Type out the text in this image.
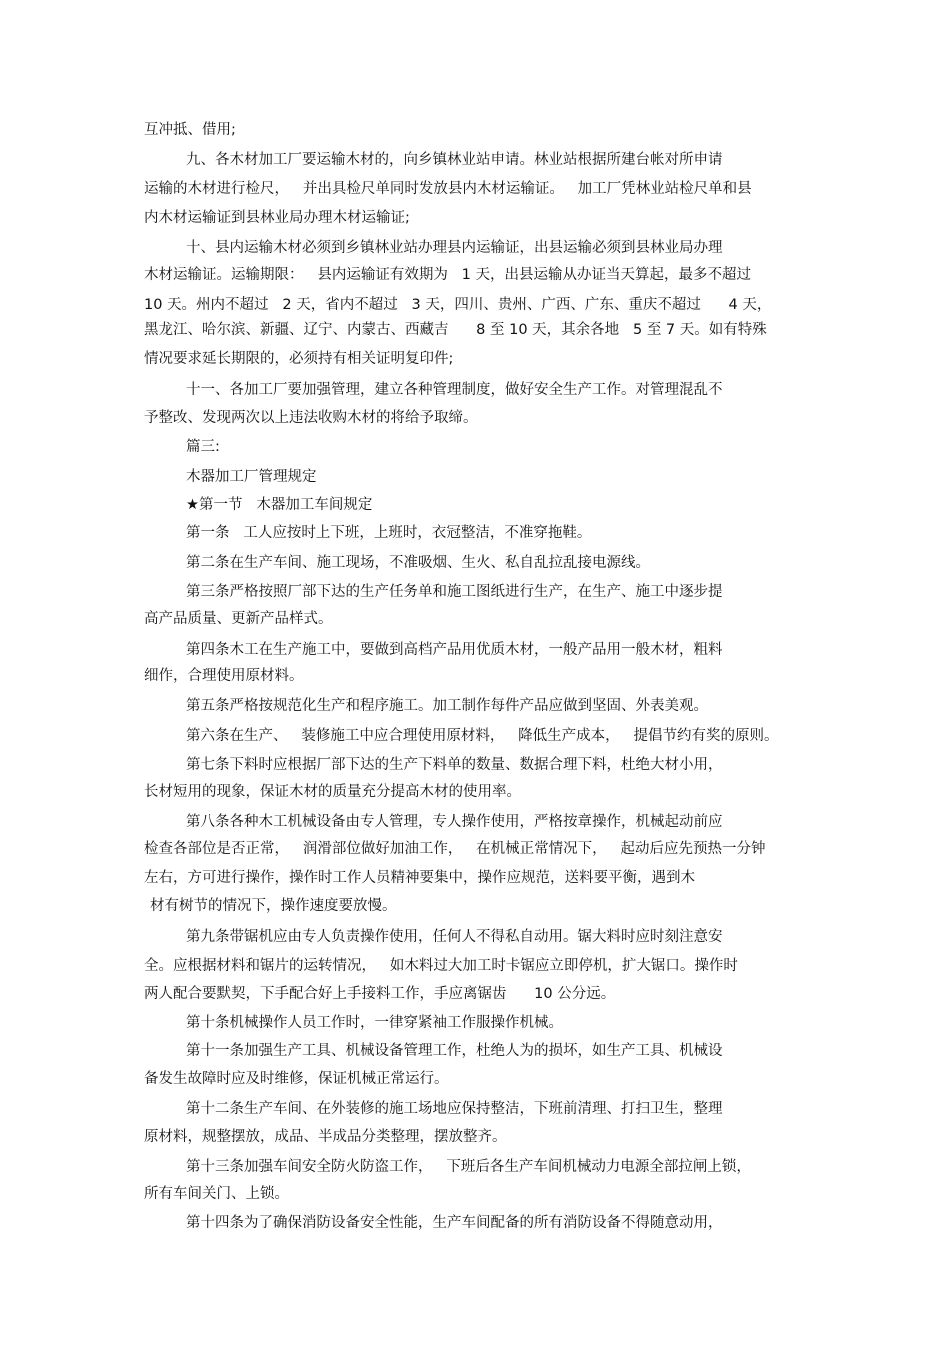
互冲抵、借用;
九、各木材加工厂要运输木材的，向乡镇林业站申请。林业站根据所建台帐对所申请
运输的木材进行检尺，   并出具检尺单同时发放县内木材运输证。   加工厂凭林业站检尺单和县
内木材运输证到县林业局办理木材运输证;
十、县内运输木材必须到乡镇林业站办理县内运输证，出县运输必须到县林业局办理
木材运输证。运输期限：   县内运输证有效期为   1 天，出县运输从办证当天算起，最多不超过
10 天。州内不超过   2 天，省内不超过   3 天，四川、贵州、广西、广东、重庆不超过      4 天，
黑龙江、哈尔滨、新疆、辽宁、内蒙古、西藏吉      8 至 10 天，其余各地   5 至 7 天。如有特殊
情况要求延长期限的，必须持有相关证明复印件;
十一、各加工厂要加强管理，建立各种管理制度，做好安全生产工作。对管理混乱不
予整改、发现两次以上违法收购木材的将给予取缔。
篇三:
木器加工厂管理规定
★第一节   木器加工车间规定
第一条   工人应按时上下班，上班时，衣冠整洁，不准穿拖鞋。
第二条在生产车间、施工现场，不准吸烟、生火、私自乱拉乱接电源线。
第三条严格按照厂部下达的生产任务单和施工图纸进行生产，在生产、施工中逐步提
高产品质量、更新产品样式。
第四条木工在生产施工中，要做到高档产品用优质木材，一般产品用一般木材，粗料
细作，合理使用原材料。
第五条严格按规范化生产和程序施工。加工制作每件产品应做到坚固、外表美观。
第六条在生产、   装修施工中应合理使用原材料，   降低生产成本，   提倡节约有奖的原则。
第七条下料时应根据厂部下达的生产下料单的数量、数据合理下料，杜绝大材小用，
长材短用的现象，保证木材的质量充分提高木材的使用率。
第八条各种木工机械设备由专人管理，专人操作使用，严格按章操作，机械起动前应
检查各部位是否正常，   润滑部位做好加油工作，   在机械正常情况下，   起动后应先预热一分钟
左右，方可进行操作，操作时工作人员精神要集中，操作应规范，送料要平衡，遇到木
材有树节的情况下，操作速度要放慢。
第九条带锯机应由专人负责操作使用，任何人不得私自动用。锯大料时应时刻注意安
全。应根据材料和锯片的运转情况，   如木料过大加工时卡锯应立即停机，扩大锯口。操作时
两人配合要默契，下手配合好上手接料工作，手应离锯齿      10 公分远。
第十条机械操作人员工作时，一律穿紧袖工作服操作机械。
第十一条加强生产工具、机械设备管理工作，杜绝人为的损坏，如生产工具、机械设
备发生故障时应及时维修，保证机械正常运行。
第十二条生产车间、在外装修的施工场地应保持整洁，下班前清理、打扫卫生，整理
原材料，规整摆放，成品、半成品分类整理，摆放整齐。
第十三条加强车间安全防火防盗工作，   下班后各生产车间机械动力电源全部拉闸上锁，
所有车间关门、上锁。
第十四条为了确保消防设备安全性能，生产车间配备的所有消防设备不得随意动用，
